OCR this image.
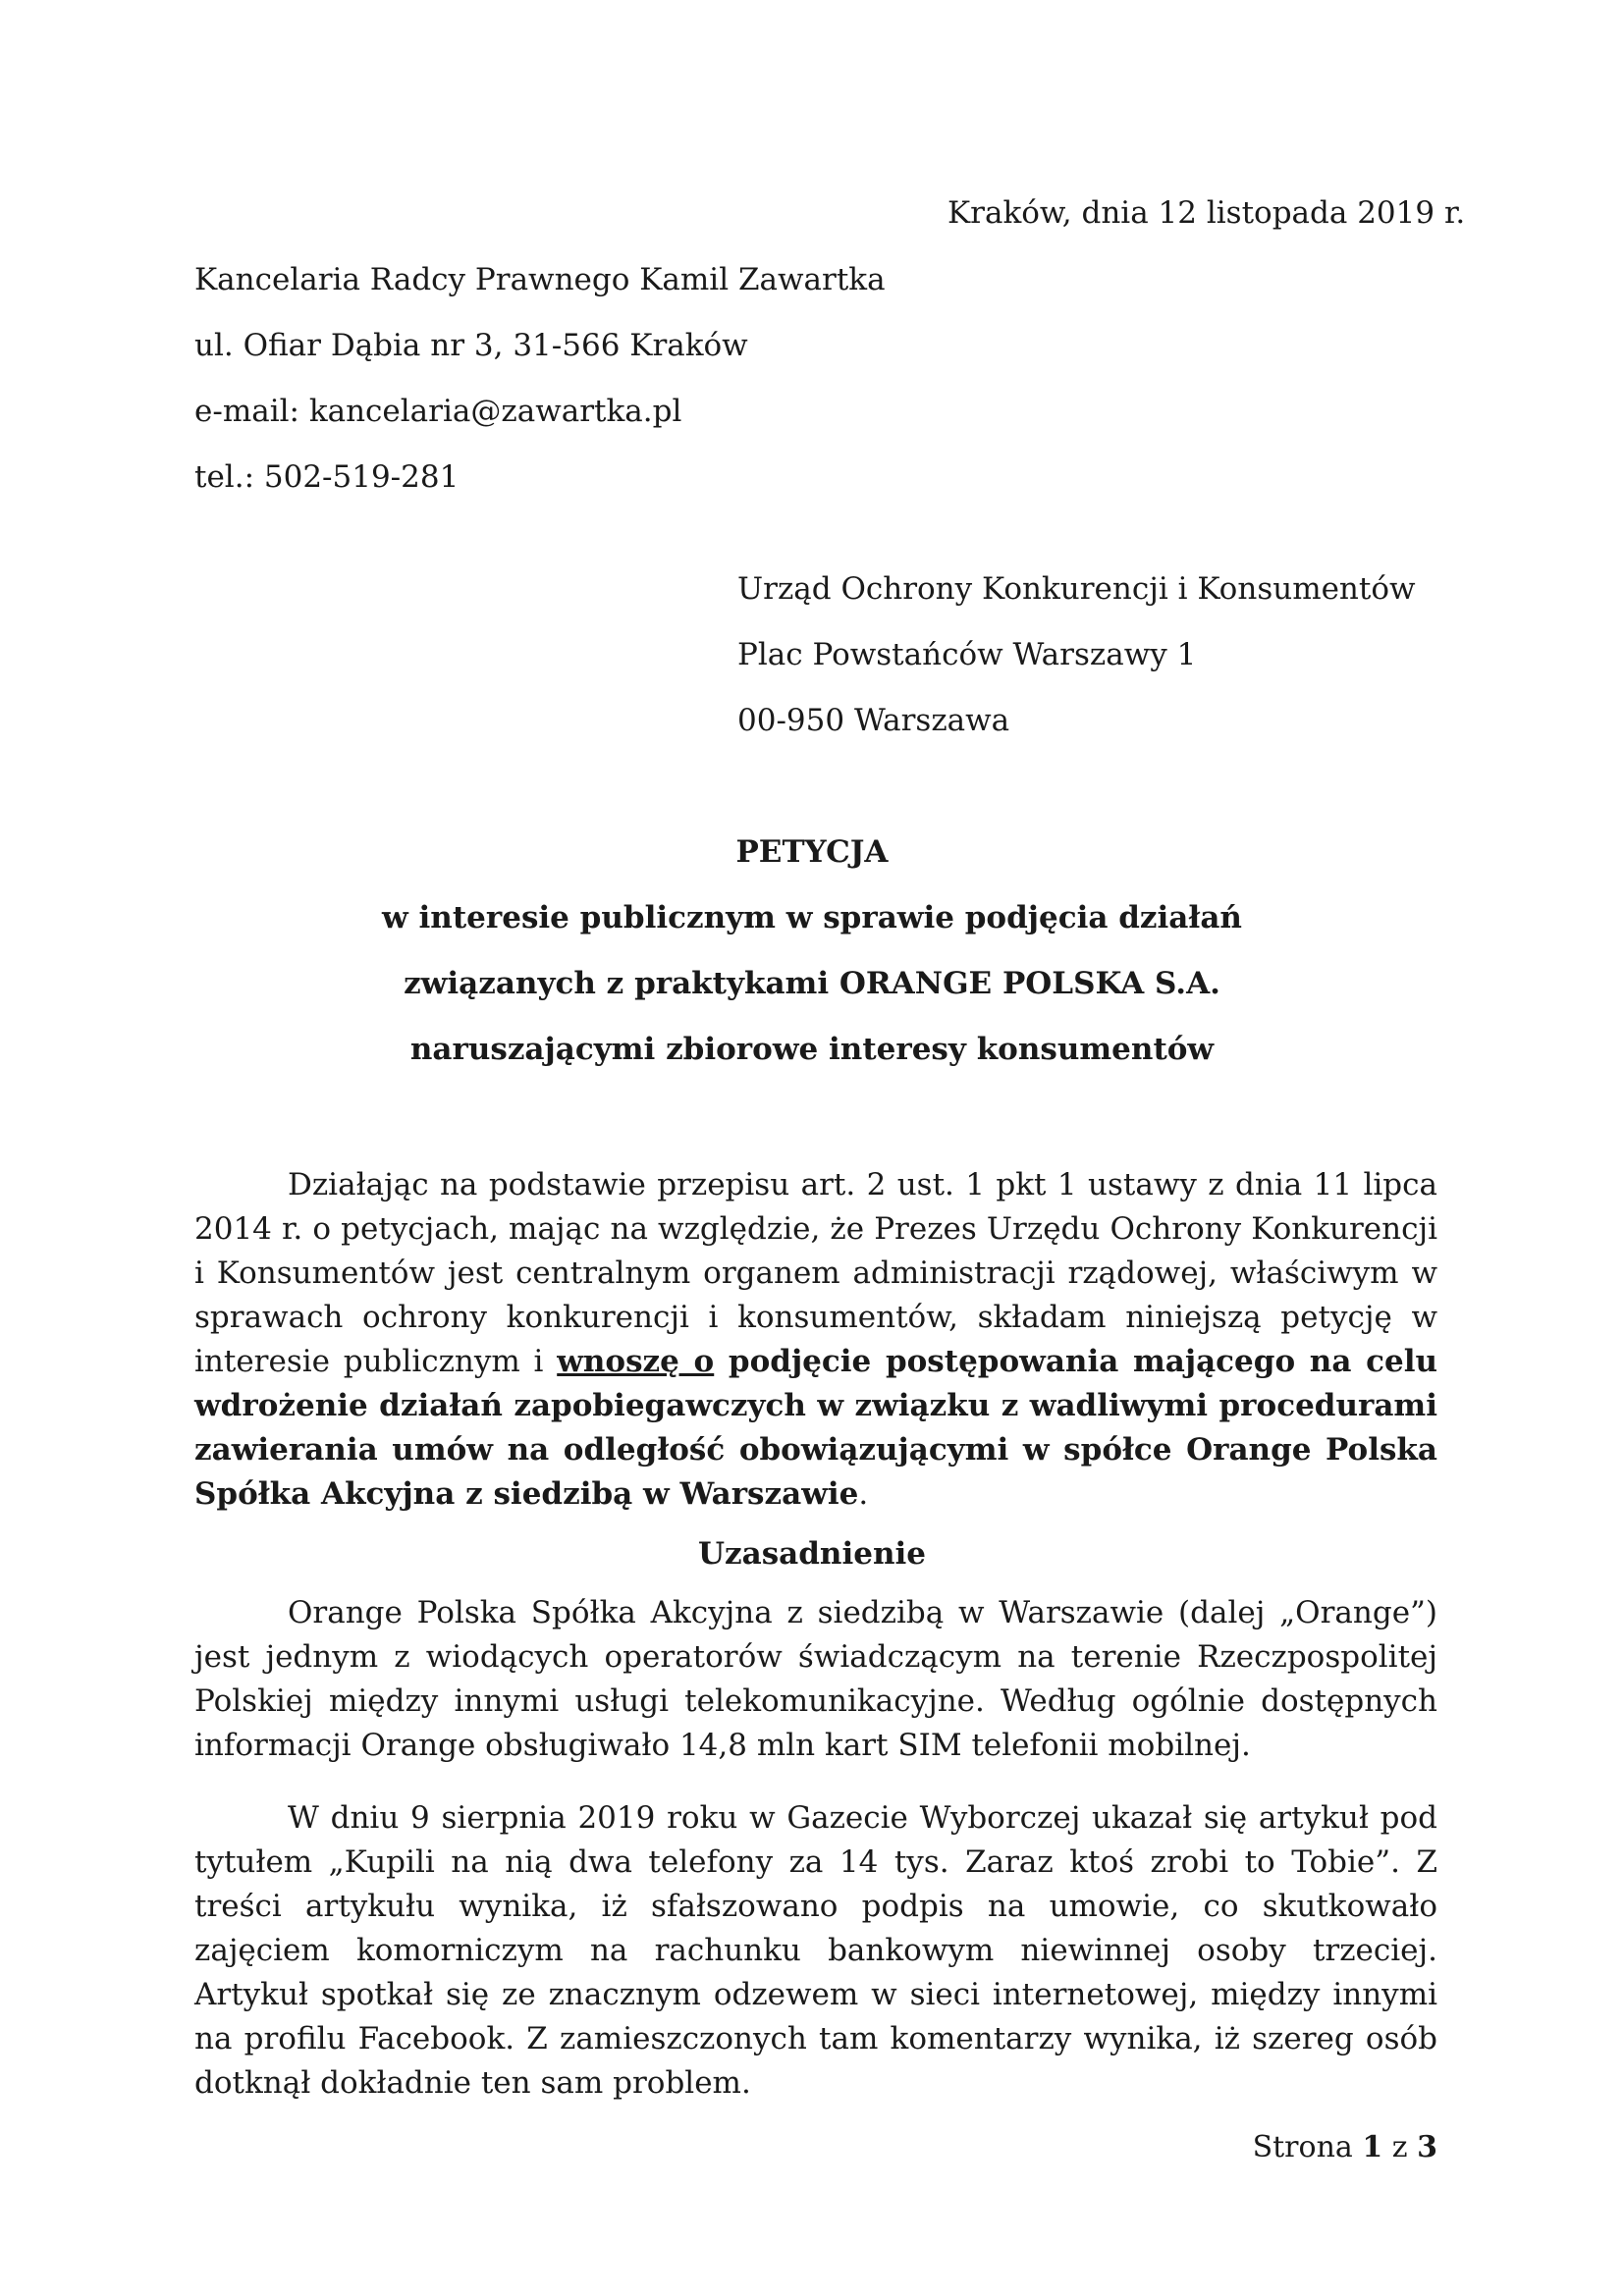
Kraków, dnia 12 listopada 2019 r.
Kancelaria Radcy Prawnego Kamil Zawartka
ul. Ofiar Dąbia nr 3, 31-566 Kraków
e-mail: kancelaria@zawartka.pl
tel.: 502-519-281
Urząd Ochrony Konkurencji i Konsumentów
Plac Powstańców Warszawy 1
00-950 Warszawa
PETYCJA
w interesie publicznym w sprawie podjęcia działań
związanych z praktykami ORANGE POLSKA S.A.
naruszającymi zbiorowe interesy konsumentów
Działając na podstawie przepisu art. 2 ust. 1 pkt 1 ustawy z dnia 11 lipca 2014 r. o petycjach, mając na względzie, że Prezes Urzędu Ochrony Konkurencji i Konsumentów jest centralnym organem administracji rządowej, właściwym w sprawach ochrony konkurencji i konsumentów, składam niniejszą petycję w interesie publicznym i wnoszę o podjęcie postępowania mającego na celu wdrożenie działań zapobiegawczych w związku z wadliwymi procedurami zawierania umów na odległość obowiązującymi w spółce Orange Polska Spółka Akcyjna z siedzibą w Warszawie.
Uzasadnienie
Orange Polska Spółka Akcyjna z siedzibą w Warszawie (dalej „Orange”) jest jednym z wiodących operatorów świadczącym na terenie Rzeczpospolitej Polskiej między innymi usługi telekomunikacyjne. Według ogólnie dostępnych informacji Orange obsługiwało 14,8 mln kart SIM telefonii mobilnej.
W dniu 9 sierpnia 2019 roku w Gazecie Wyborczej ukazał się artykuł pod tytułem „Kupili na nią dwa telefony za 14 tys. Zaraz ktoś zrobi to Tobie”. Z treści artykułu wynika, iż sfałszowano podpis na umowie, co skutkowało zajęciem komorniczym na rachunku bankowym niewinnej osoby trzeciej. Artykuł spotkał się ze znacznym odzewem w sieci internetowej, między innymi na profilu Facebook. Z zamieszczonych tam komentarzy wynika, iż szereg osób dotknął dokładnie ten sam problem.
Strona 1 z 3
